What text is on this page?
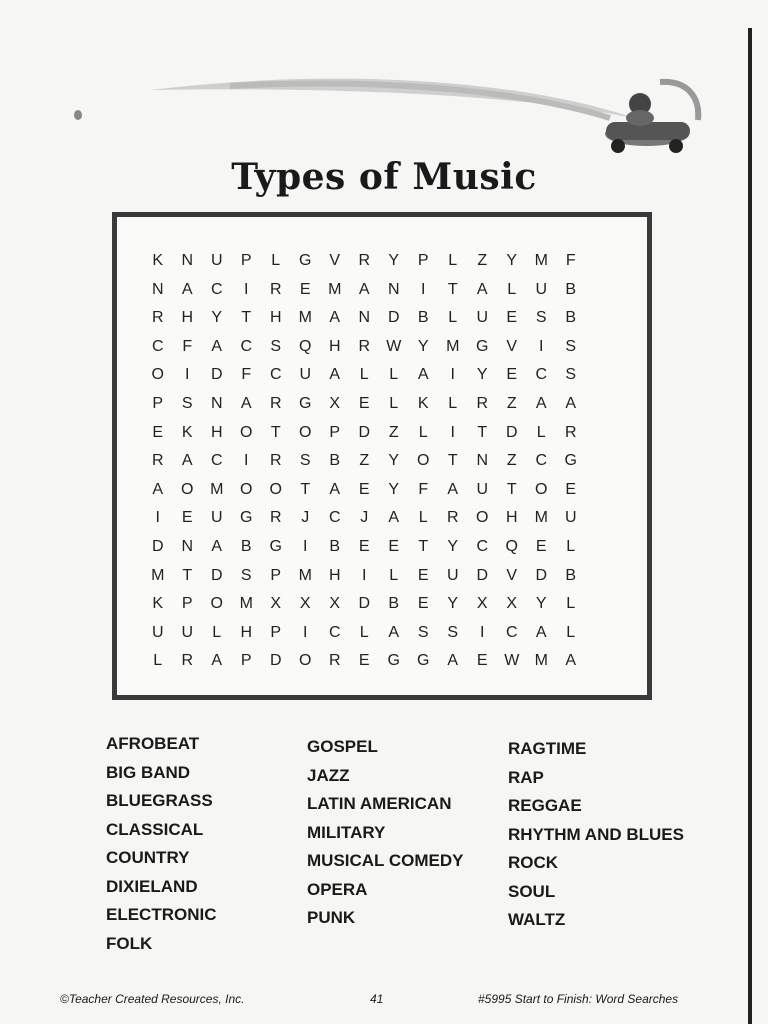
Types of Music
K	N	U	P	L	G	V	R	Y	P	L	Z	Y	M	F
N	A	C	I	R	E	M	A	N	I	T	A	L	U	B
R	H	Y	T	H	M	A	N	D	B	L	U	E	S	B
C	F	A	C	S	Q	H	R	W	Y	M	G	V	I	S
O	I	D	F	C	U	A	L	L	A	I	Y	E	C	S
P	S	N	A	R	G	X	E	L	K	L	R	Z	A	A
E	K	H	O	T	O	P	D	Z	L	I	T	D	L	R
R	A	C	I	R	S	B	Z	Y	O	T	N	Z	C	G
A	O	M	O	O	T	A	E	Y	F	A	U	T	O	E
I	E	U	G	R	J	C	J	A	L	R	O	H	M	U
D	N	A	B	G	I	B	E	E	T	Y	C	Q	E	L
M	T	D	S	P	M	H	I	L	E	U	D	V	D	B
K	P	O	M	X	X	X	D	B	E	Y	X	X	Y	L
U	U	L	H	P	I	C	L	A	S	S	I	C	A	L
L	R	A	P	D	O	R	E	G	G	A	E	W M	A
AFROBEAT
BIG BAND
BLUEGRASS
CLASSICAL
COUNTRY
DIXIELAND
ELECTRONIC
FOLK
GOSPEL
JAZZ
LATIN AMERICAN
MILITARY
MUSICAL COMEDY
OPERA
PUNK
RAGTIME
RAP
REGGAE
RHYTHM AND BLUES
ROCK
SOUL
WALTZ
©Teacher Created Resources, Inc.	41	#5995 Start to Finish: Word Searches
